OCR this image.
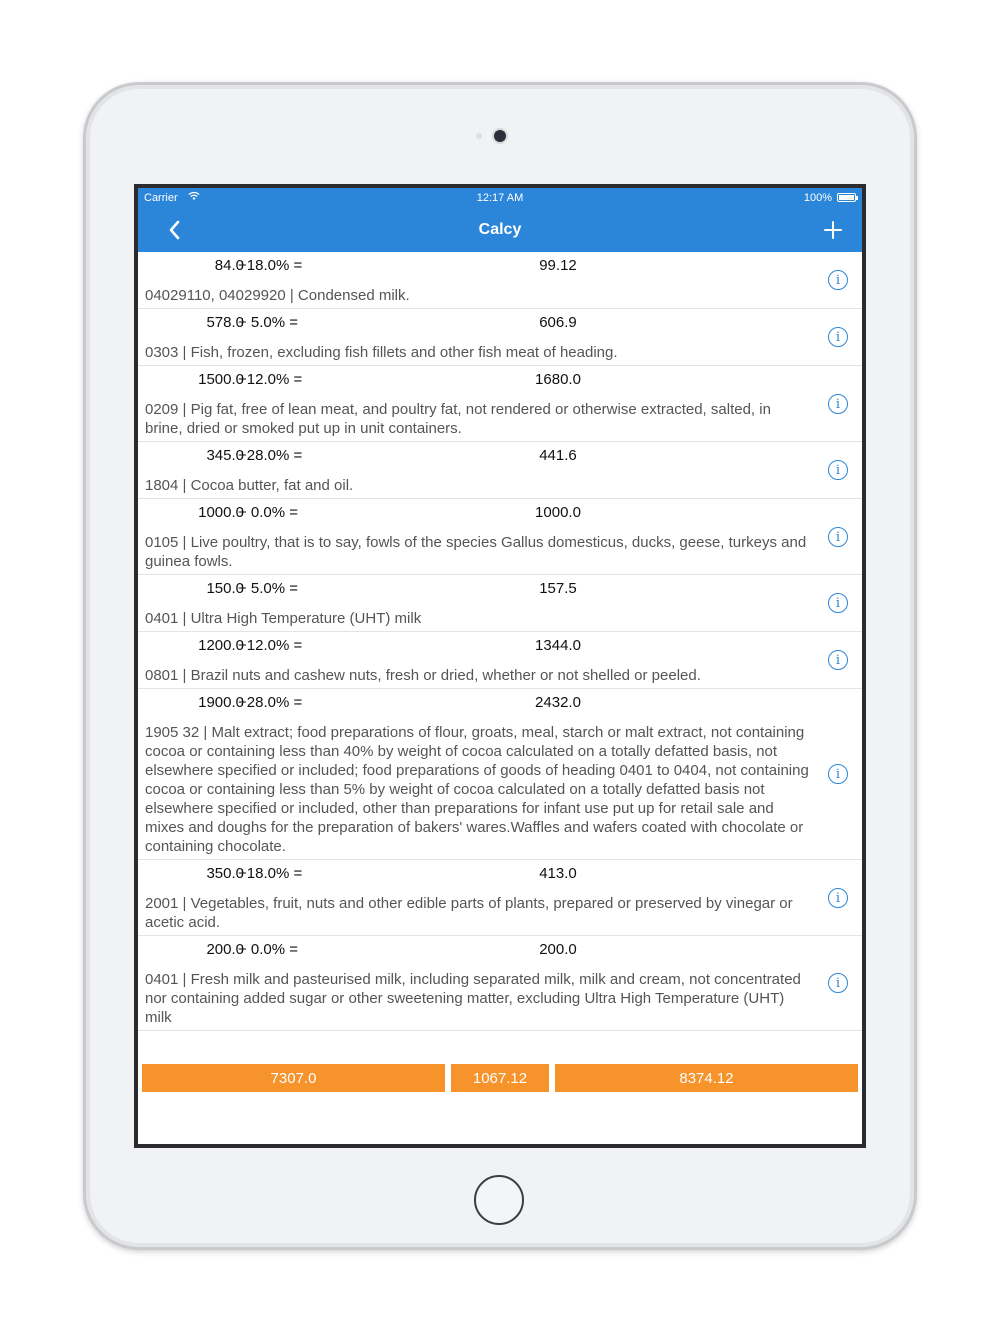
Carrier	12:17 AM	100%
Calcy
84.0
+18.0% =	99.12
04029110, 04029920 | Condensed milk.
i
578.0
+ 5.0% =	606.9
0303 | Fish, frozen, excluding fish fillets and other fish meat of heading.
i
1500.0
+12.0% =	1680.0
0209 | Pig fat, free of lean meat, and poultry fat, not rendered or otherwise extracted, salted, in brine, dried or smoked put up in unit containers.
i
345.0
+28.0% =	441.6
1804 | Cocoa butter, fat and oil.
i
1000.0
+ 0.0% =	1000.0
0105 | Live poultry, that is to say, fowls of the species Gallus domesticus, ducks, geese, turkeys and guinea fowls.
i
150.0
+ 5.0% =	157.5
0401 | Ultra High Temperature (UHT) milk
i
1200.0
+12.0% =	1344.0
0801 | Brazil nuts and cashew nuts, fresh or dried, whether or not shelled or peeled.
i
1900.0
+28.0% =	2432.0
1905 32 | Malt extract; food preparations of flour, groats, meal, starch or malt extract, not containing cocoa or containing less than 40% by weight of cocoa calculated on a totally defatted basis, not elsewhere specified or included; food preparations of goods of heading 0401 to 0404, not containing cocoa or containing less than 5% by weight of cocoa calculated on a totally defatted basis not elsewhere specified or included, other than preparations for infant use put up for retail sale and mixes and doughs for the preparation of bakers' wares.Waffles and wafers coated with chocolate or containing chocolate.
i
350.0
+18.0% =	413.0
2001 | Vegetables, fruit, nuts and other edible parts of plants, prepared or preserved by vinegar or acetic acid.
i
200.0
+ 0.0% =	200.0
0401 | Fresh milk and pasteurised milk, including separated milk, milk and cream, not concentrated nor containing added sugar or other sweetening matter, excluding Ultra High Temperature (UHT) milk
i
7307.0	1067.12	8374.12
